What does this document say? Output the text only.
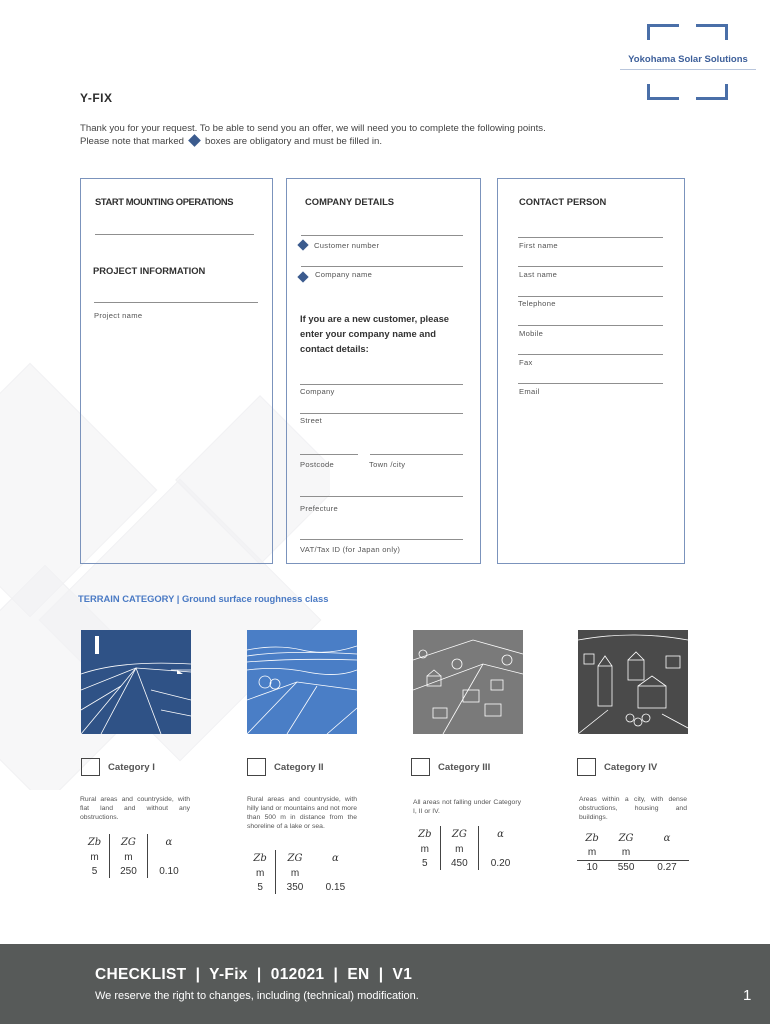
Yokohama Solar Solutions
Y-FIX
Thank you for your request. To be able to send you an offer, we will need you to complete the following points.
Please note that marked boxes are obligatory and must be filled in.
START MOUNTING OPERATIONS
PROJECT INFORMATION
Project name
COMPANY DETAILS
Customer number
Company name
If you are a new customer, please enter your company name and contact details:
Company
Street
Postcode	Town /city
Prefecture
VAT/Tax ID (for Japan only)
CONTACT PERSON
First name
Last name
Telephone
Mobile
Fax
Email
TERRAIN CATEGORY | Ground surface roughness class
Category I	Category II	Category III	Category IV
Rural areas and countryside, with flat land and without any obstructions.
Rural areas and countryside, with hilly land or mountains and not more than 500 m in distance from the shoreline of a lake or sea.
All areas not falling under Category I, II or IV.
Areas within a city, with dense obstructions, housing and buildings.
Zb	ZG	α
m	m	
5	250	0.10
Zb	ZG	α
m	m	
5	350	0.15
Zb	ZG	α
m	m	
5	450	0.20
Zb	ZG	α
m	m	
10	550	0.27
CHECKLIST  |  Y-Fix  |  012021  |  EN  |  V1
We reserve the right to changes, including (technical) modification.	1
